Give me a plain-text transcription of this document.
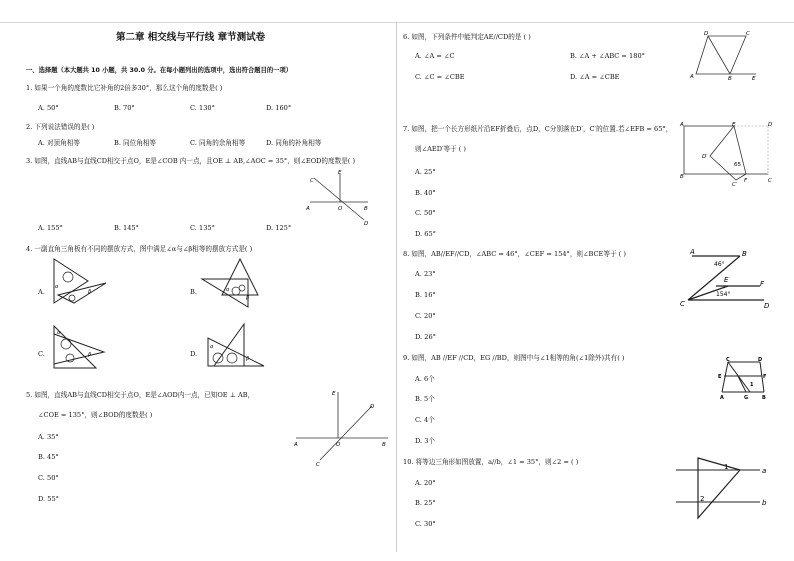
第二章 相交线与平行线 章节测试卷
一、选择题（本大题共 10 小题，共 30.0 分。在每小题列出的选项中，选出符合题目的一项）
1. 如果一个角的度数比它补角的2倍多30°，那么这个角的度数是( )
A. 50°	B. 70°	C. 130°	D. 160°
2. 下列说法错误的是( )
A. 对顶角相等	B. 同位角相等	C. 同角的余角相等	D. 同角的补角相等
3. 如图，直线AB与直线CD相交于点O，E是∠COB 内一点，且OE ⊥ AB,∠AOC = 35°，则∠EOD的度数是( )
C
E
A	O	B
D
A. 155°	B. 145°	C. 135°	D. 125°
4. 一副直角三角板有不同的摆放方式，图中满足∠α与∠β相等的摆放方式是( )
A.
α
β	B.	α
β
C.
α
β	D.
α
β
5. 如图，直线AB与直线CD相交于点O，E是∠AOD内一点，已知OE ⊥ AB，
∠COE = 135°，则∠BOD的度数是( )
E
D
A	O	B
C
A. 35°
B. 45°
C. 50°
D. 55°
6. 如图，下列条件中能判定AE//CD的是 ( )	D	C
A	B	E
A. ∠A = ∠C	B. ∠A + ∠ABC = 180°
C. ∠C = ∠CBE	D. ∠A = ∠CBE
7. 如图，把一个长方形纸片沿EF折叠后，点D，C分别落在D′，C′的位置.若∠EFB = 65°，
则∠AED′等于 ( )
A	E	D
D′
65
B
F	C
C′
A. 25°
B. 40°
C. 50°
D. 65°
8. 如图，AB//EF//CD，∠ABC = 46°，∠CEF = 154°，则∠BCE等于 ( )	A	B
46°
E	F
154°
C	D
A. 23°
B. 16°
C. 20°
D. 26°
9. 如图，AB //EF //CD，EG //BD，则图中与∠1相等的角(∠1除外)共有( )	C	D
E	F
A	B
G
1
A. 6个
B. 5个
C. 4个
D. 3个
10. 将等边三角形如图放置，a//b，∠1 = 35°，则∠2 = ( )
1	a
2	b
A. 20°
B. 25°
C. 30°
